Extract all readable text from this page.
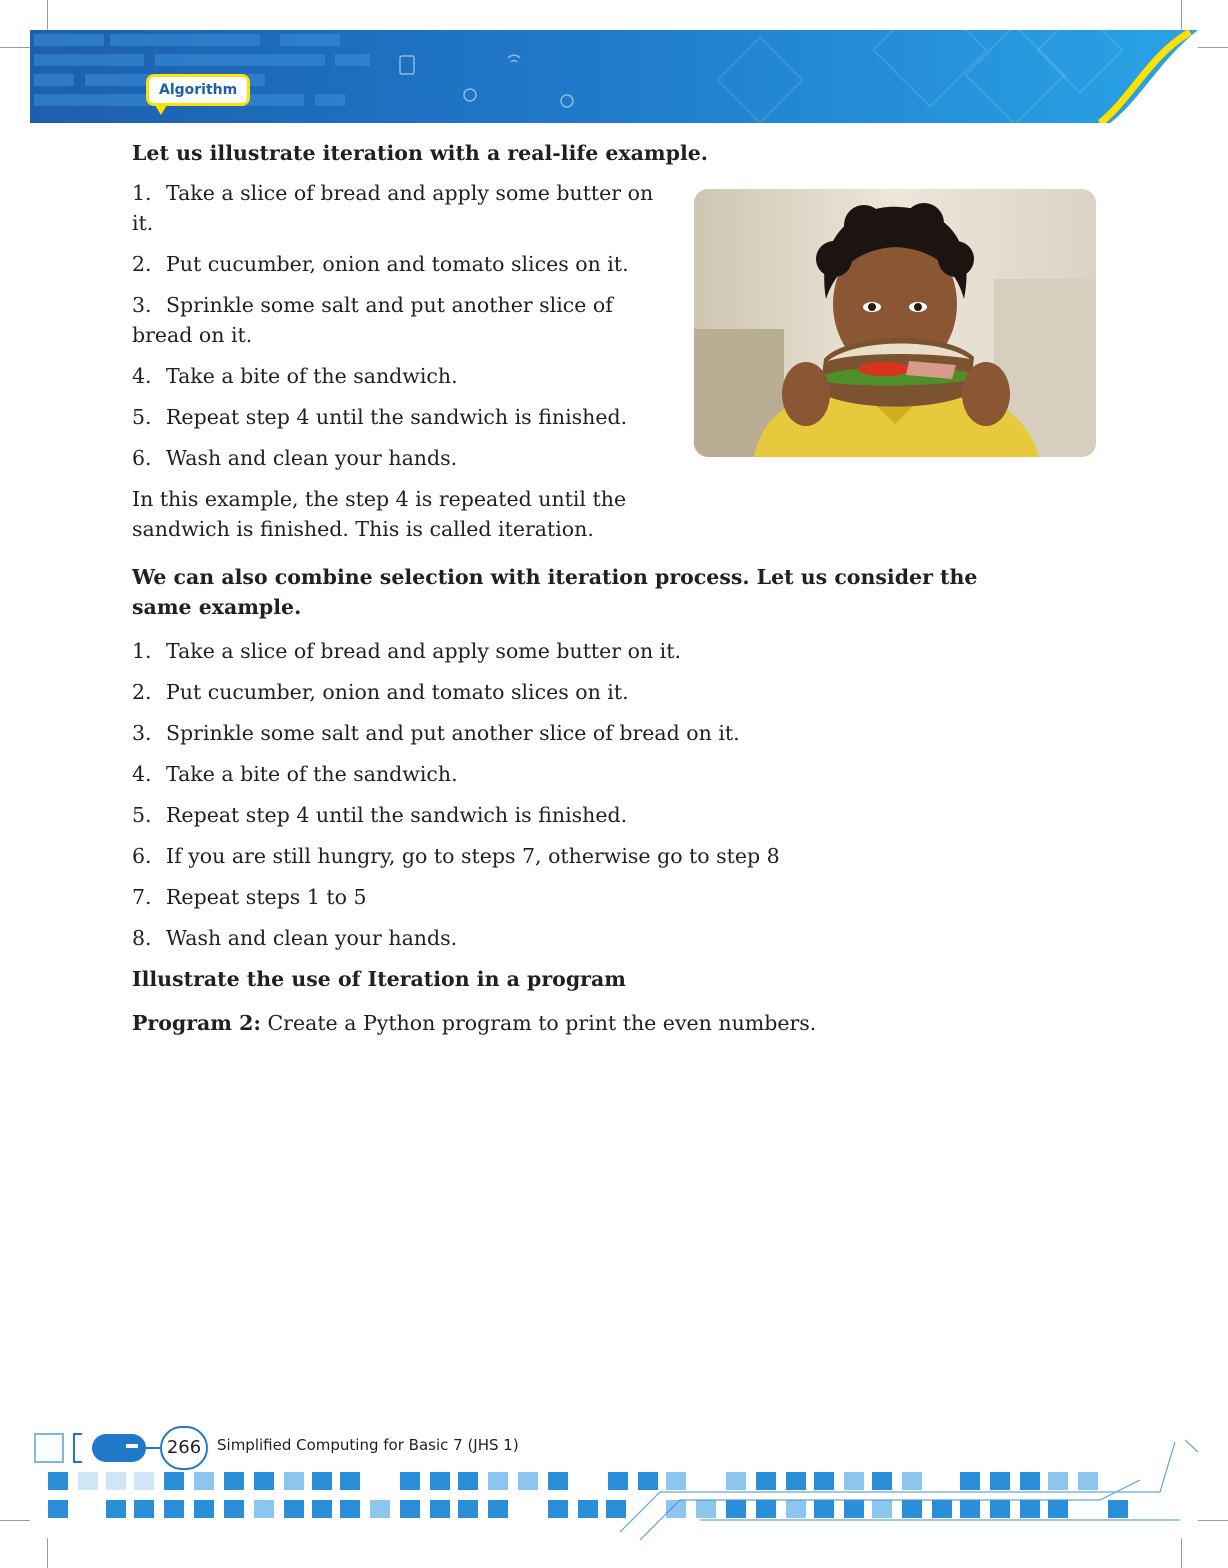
Algorithm

Let us illustrate iteration with a real-life example.

1. Take a slice of bread and apply some butter on it.
2. Put cucumber, onion and tomato slices on it.
3. Sprinkle some salt and put another slice of bread on it.
4. Take a bite of the sandwich.
5. Repeat step 4 until the sandwich is finished.
6. Wash and clean your hands.

In this example, the step 4 is repeated until the sandwich is finished. This is called iteration.

We can also combine selection with iteration process. Let us consider the same example.

1. Take a slice of bread and apply some butter on it.
2. Put cucumber, onion and tomato slices on it.
3. Sprinkle some salt and put another slice of bread on it.
4. Take a bite of the sandwich.
5. Repeat step 4 until the sandwich is finished.
6. If you are still hungry, go to steps 7, otherwise go to step 8
7. Repeat steps 1 to 5
8. Wash and clean your hands.

Illustrate the use of Iteration in a program

Program 2: Create a Python program to print the even numbers.

266	Simplified Computing for Basic 7 (JHS 1)
